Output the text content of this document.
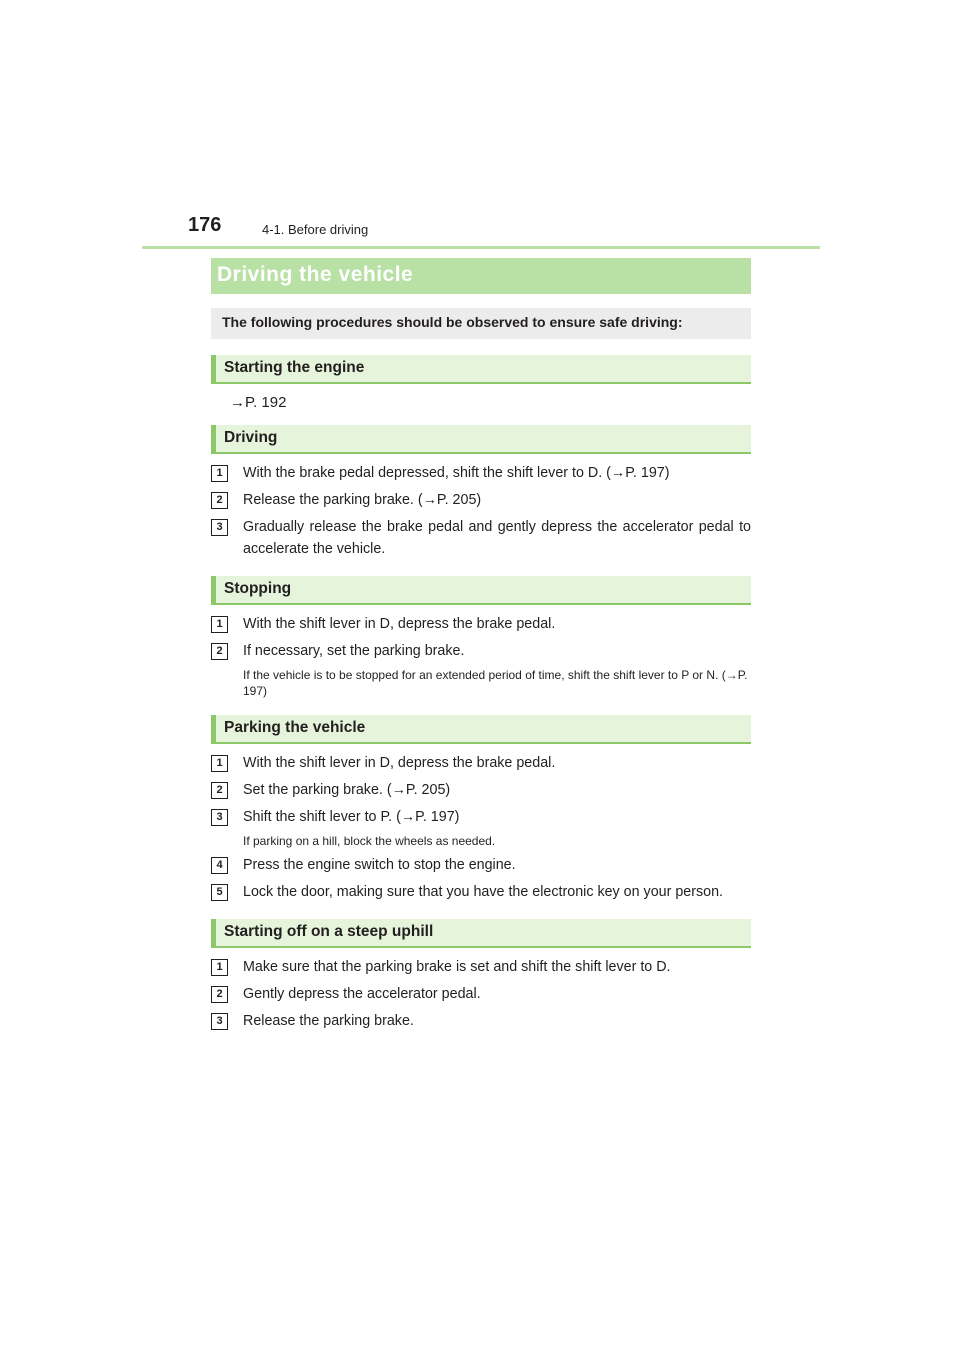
176	4-1. Before driving
Driving the vehicle
The following procedures should be observed to ensure safe driving:
Starting the engine
→P. 192
Driving
1	With the brake pedal depressed, shift the shift lever to D. (→P. 197)
2	Release the parking brake. (→P. 205)
3	Gradually release the brake pedal and gently depress the accelerator pedal to accelerate the vehicle.
Stopping
1	With the shift lever in D, depress the brake pedal.
2	If necessary, set the parking brake.
If the vehicle is to be stopped for an extended period of time, shift the shift lever to P or N. (→P. 197)
Parking the vehicle
1	With the shift lever in D, depress the brake pedal.
2	Set the parking brake. (→P. 205)
3	Shift the shift lever to P. (→P. 197)
If parking on a hill, block the wheels as needed.
4	Press the engine switch to stop the engine.
5	Lock the door, making sure that you have the electronic key on your person.
Starting off on a steep uphill
1	Make sure that the parking brake is set and shift the shift lever to D.
2	Gently depress the accelerator pedal.
3	Release the parking brake.
